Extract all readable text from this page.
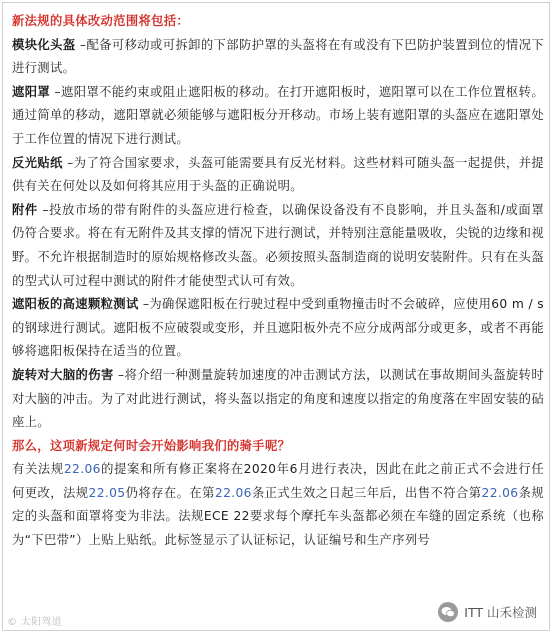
新法规的具体改动范围将包括：

模块化头盔 –配备可移动或可拆卸的下部防护罩的头盔将在有或没有下巴防护装置到位的情况下进行测试。

遮阳罩 –遮阳罩不能约束或阻止遮阳板的移动。在打开遮阳板时，遮阳罩可以在工作位置枢转。通过简单的移动，遮阳罩就必须能够与遮阳板分开移动。市场上装有遮阳罩的头盔应在遮阳罩处于工作位置的情况下进行测试。

反光贴纸 –为了符合国家要求，头盔可能需要具有反光材料。这些材料可随头盔一起提供，并提供有关在何处以及如何将其应用于头盔的正确说明。

附件 –投放市场的带有附件的头盔应进行检查，以确保设备没有不良影响，并且头盔和/或面罩仍符合要求。将在有无附件及其支撑的情况下进行测试，并特别注意能量吸收，尖锐的边缘和视野。不允许根据制造时的原始规格修改头盔。必须按照头盔制造商的说明安装附件。只有在头盔的型式认可过程中测试的附件才能使型式认可有效。

遮阳板的高速颗粒测试 –为确保遮阳板在行驶过程中受到重物撞击时不会破碎，应使用60 m / s的钢球进行测试。遮阳板不应破裂或变形，并且遮阳板外壳不应分成两部分或更多，或者不再能够将遮阳板保持在适当的位置。

旋转对大脑的伤害 –将介绍一种测量旋转加速度的冲击测试方法，以测试在事故期间头盔旋转时对大脑的冲击。为了对此进行测试，将头盔以指定的角度和速度以指定的角度落在牢固安装的砧座上。

那么，这项新规定何时会开始影响我们的骑手呢？

有关法规22.06的提案和所有修正案将在2020年6月进行表决，因此在此之前正式不会进行任何更改，法规22.05仍将存在。在第22.06条正式生效之日起三年后，出售不符合第22.06条规定的头盔和面罩将变为非法。法规ECE 22要求每个摩托车头盔都必须在车缝的固定系统（也称为“下巴带”）上贴上贴纸。此标签显示了认证标记，认证编号和生产序列号

© 太阳驾道
ITT 山禾检测
